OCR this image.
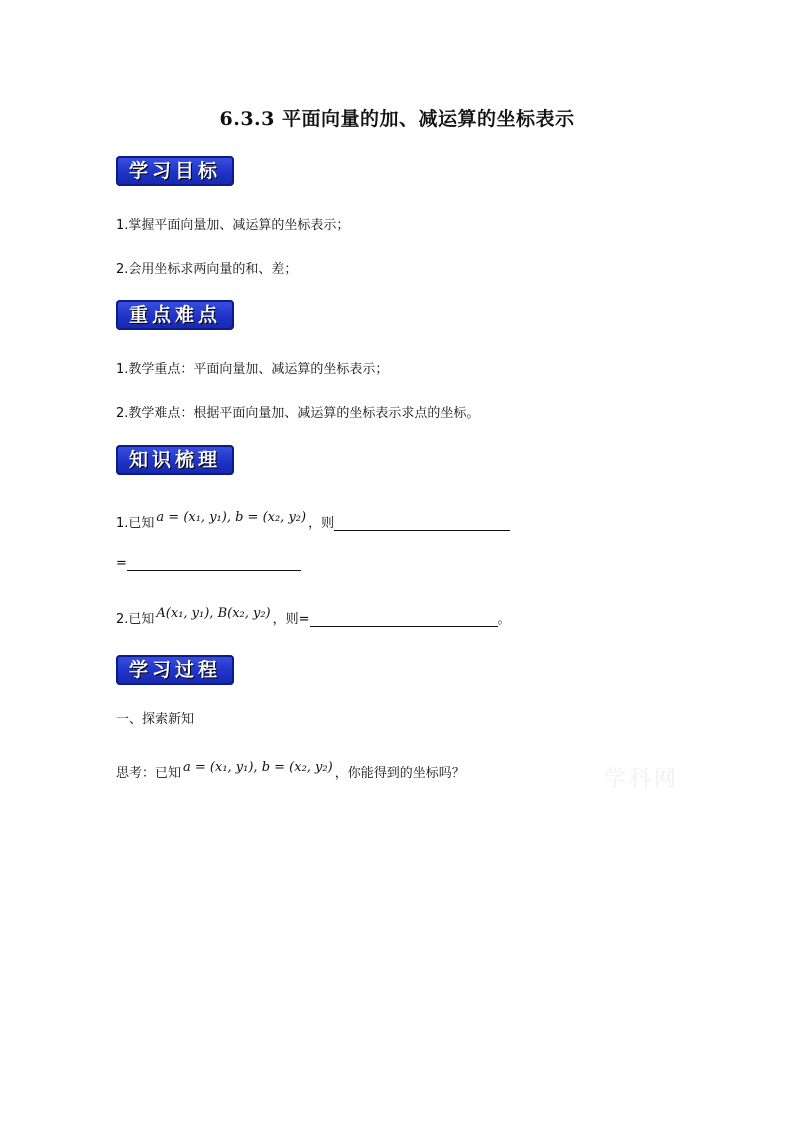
6.3.3 平面向量的加、减运算的坐标表示
学习目标
1.掌握平面向量加、减运算的坐标表示；
2.会用坐标求两向量的和、差；
重点难点
1.教学重点：平面向量加、减运算的坐标表示；
2.教学难点：根据平面向量加、减运算的坐标表示求点的坐标。
知识梳理
1.已知 a = (x₁, y₁), b = (x₂, y₂) ，则
=
2.已知 A(x₁, y₁), B(x₂, y₂) ，则=	。
学习过程
一、探索新知
思考：已知 a = (x₁, y₁), b = (x₂, y₂) ，你能得到的坐标吗？	学科网
